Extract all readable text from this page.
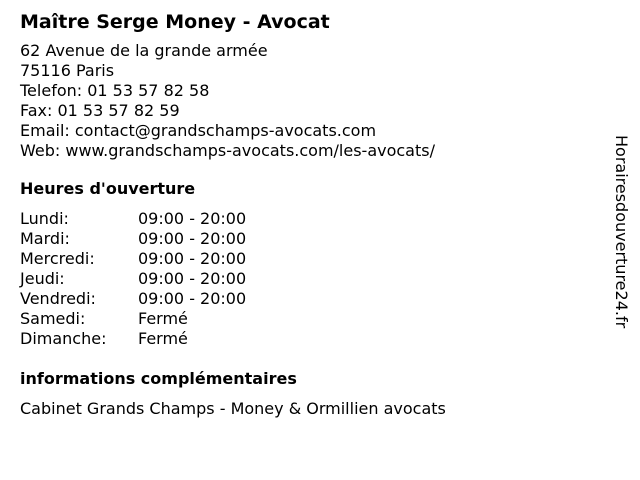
Maître Serge Money - Avocat
62 Avenue de la grande armée
75116 Paris
Telefon: 01 53 57 82 58
Fax: 01 53 57 82 59
Email: contact@grandschamps-avocats.com
Web: www.grandschamps-avocats.com/les-avocats/
Heures d'ouverture
Lundi:	09:00 - 20:00
Mardi:	09:00 - 20:00
Mercredi:	09:00 - 20:00
Jeudi:	09:00 - 20:00
Vendredi:	09:00 - 20:00
Samedi:	Fermé
Dimanche: Fermé
informations complémentaires
Cabinet Grands Champs - Money & Ormillien avocats
Horairesdouverture24.fr
